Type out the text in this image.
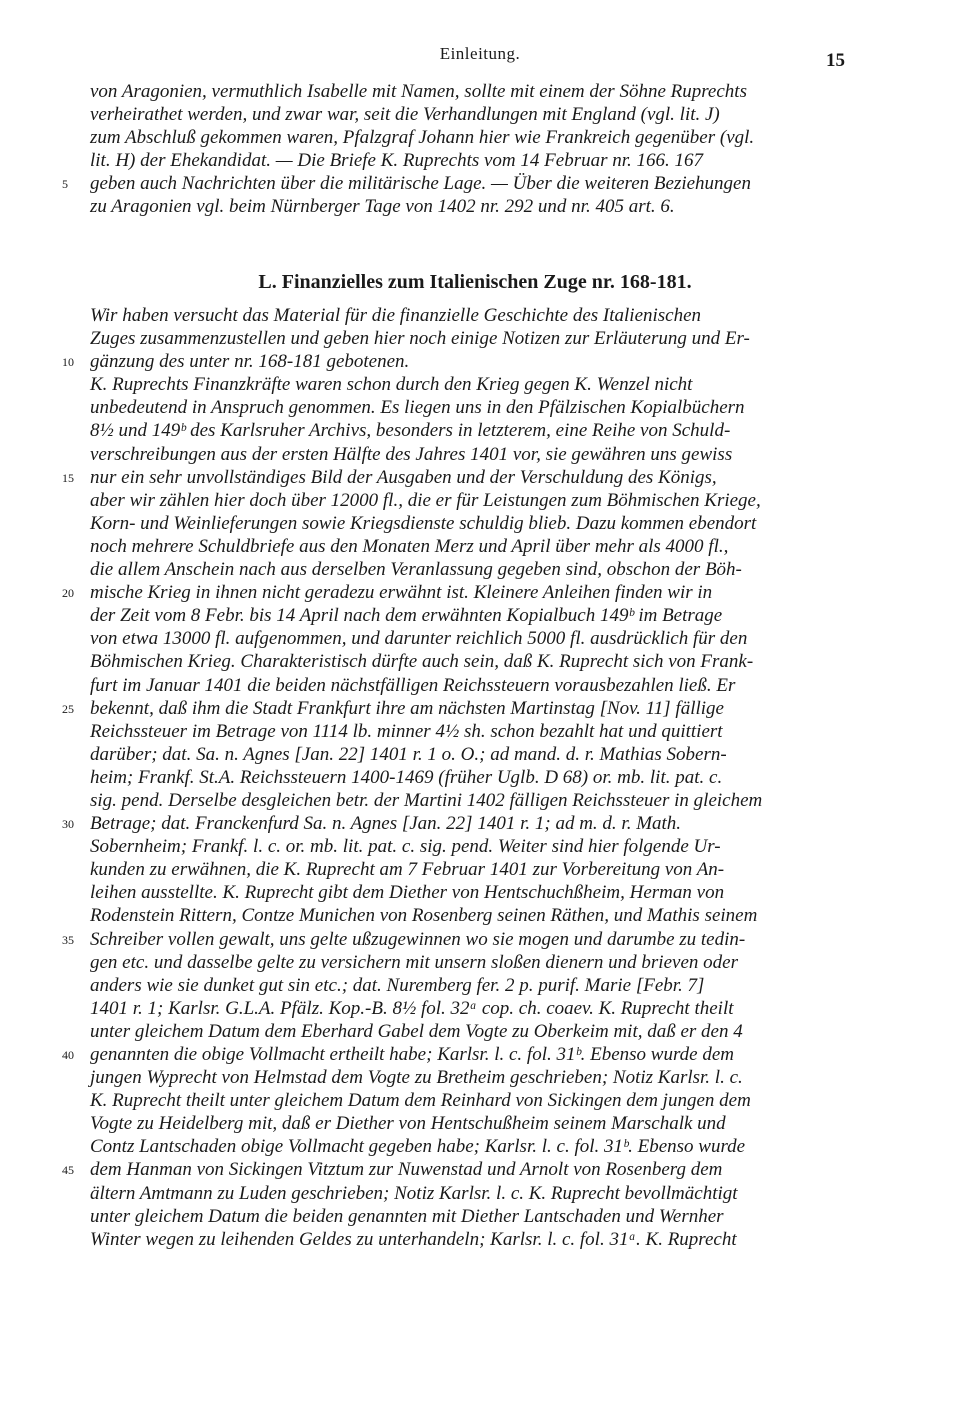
Einleitung.	15
von Aragonien, vermuthlich Isabelle mit Namen, sollte mit einem der Söhne Ruprechts
verheirathet werden, und zwar war, seit die Verhandlungen mit England (vgl. lit. J)
zum Abschluß gekommen waren, Pfalzgraf Johann hier wie Frankreich gegenüber (vgl.
lit. H) der Ehekandidat. — Die Briefe K. Ruprechts vom 14 Februar nr. 166. 167
5	geben auch Nachrichten über die militärische Lage. — Über die weiteren Beziehungen
zu Aragonien vgl. beim Nürnberger Tage von 1402 nr. 292 und nr. 405 art. 6.
L. Finanzielles zum Italienischen Zuge nr. 168-181.
Wir haben versucht das Material für die finanzielle Geschichte des Italienischen
Zuges zusammenzustellen und geben hier noch einige Notizen zur Erläuterung und Er-
10 gänzung des unter nr. 168-181 gebotenen.
K. Ruprechts Finanzkräfte waren schon durch den Krieg gegen K. Wenzel nicht
unbedeutend in Anspruch genommen. Es liegen uns in den Pfälzischen Kopialbüchern
8½ und 149ᵇ des Karlsruher Archivs, besonders in letzterem, eine Reihe von Schuld-
verschreibungen aus der ersten Hälfte des Jahres 1401 vor, sie gewähren uns gewiss
15 nur ein sehr unvollständiges Bild der Ausgaben und der Verschuldung des Königs,
aber wir zählen hier doch über 12000 fl., die er für Leistungen zum Böhmischen Kriege,
Korn- und Weinlieferungen sowie Kriegsdienste schuldig blieb. Dazu kommen ebendort
noch mehrere Schuldbriefe aus den Monaten Merz und April über mehr als 4000 fl.,
die allem Anschein nach aus derselben Veranlassung gegeben sind, obschon der Böh-
20 mische Krieg in ihnen nicht geradezu erwähnt ist. Kleinere Anleihen finden wir in
der Zeit vom 8 Febr. bis 14 April nach dem erwähnten Kopialbuch 149ᵇ im Betrage
von etwa 13000 fl. aufgenommen, und darunter reichlich 5000 fl. ausdrücklich für den
Böhmischen Krieg. Charakteristisch dürfte auch sein, daß K. Ruprecht sich von Frank-
furt im Januar 1401 die beiden nächstfälligen Reichssteuern vorausbezahlen ließ. Er
25 bekennt, daß ihm die Stadt Frankfurt ihre am nächsten Martinstag [Nov. 11] fällige
Reichssteuer im Betrage von 1114 lb. minner 4½ sh. schon bezahlt hat und quittiert
darüber; dat. Sa. n. Agnes [Jan. 22] 1401 r. 1 o. O.; ad mand. d. r. Mathias Sobern-
heim; Frankf. St.A. Reichssteuern 1400-1469 (früher Uglb. D 68) or. mb. lit. pat. c.
sig. pend. Derselbe desgleichen betr. der Martini 1402 fälligen Reichssteuer in gleichem
30 Betrage; dat. Franckenfurd Sa. n. Agnes [Jan. 22] 1401 r. 1; ad m. d. r. Math.
Sobernheim; Frankf. l. c. or. mb. lit. pat. c. sig. pend. Weiter sind hier folgende Ur-
kunden zu erwähnen, die K. Ruprecht am 7 Februar 1401 zur Vorbereitung von An-
leihen ausstellte. K. Ruprecht gibt dem Diether von Hentschuchßheim, Herman von
Rodenstein Rittern, Contze Munichen von Rosenberg seinen Räthen, und Mathis seinem
35 Schreiber vollen gewalt, uns gelte ußzugewinnen wo sie mogen und darumbe zu tedin-
gen etc. und dasselbe gelte zu versichern mit unsern sloßen dienern und brieven oder
anders wie sie dunket gut sin etc.; dat. Nuremberg fer. 2 p. purif. Marie [Febr. 7]
1401 r. 1; Karlsr. G.L.A. Pfälz. Kop.-B. 8½ fol. 32ᵃ cop. ch. coaev. K. Ruprecht theilt
unter gleichem Datum dem Eberhard Gabel dem Vogte zu Oberkeim mit, daß er den 4
40 genannten die obige Vollmacht ertheilt habe; Karlsr. l. c. fol. 31ᵇ. Ebenso wurde dem
jungen Wyprecht von Helmstad dem Vogte zu Bretheim geschrieben; Notiz Karlsr. l. c.
K. Ruprecht theilt unter gleichem Datum dem Reinhard von Sickingen dem jungen dem
Vogte zu Heidelberg mit, daß er Diether von Hentschußheim seinem Marschalk und
Contz Lantschaden obige Vollmacht gegeben habe; Karlsr. l. c. fol. 31ᵇ. Ebenso wurde
45 dem Hanman von Sickingen Vitztum zur Nuwenstad und Arnolt von Rosenberg dem
ältern Amtmann zu Luden geschrieben; Notiz Karlsr. l. c. K. Ruprecht bevollmächtigt
unter gleichem Datum die beiden genannten mit Diether Lantschaden und Wernher
Winter wegen zu leihenden Geldes zu unterhandeln; Karlsr. l. c. fol. 31ᵃ. K. Ruprecht
